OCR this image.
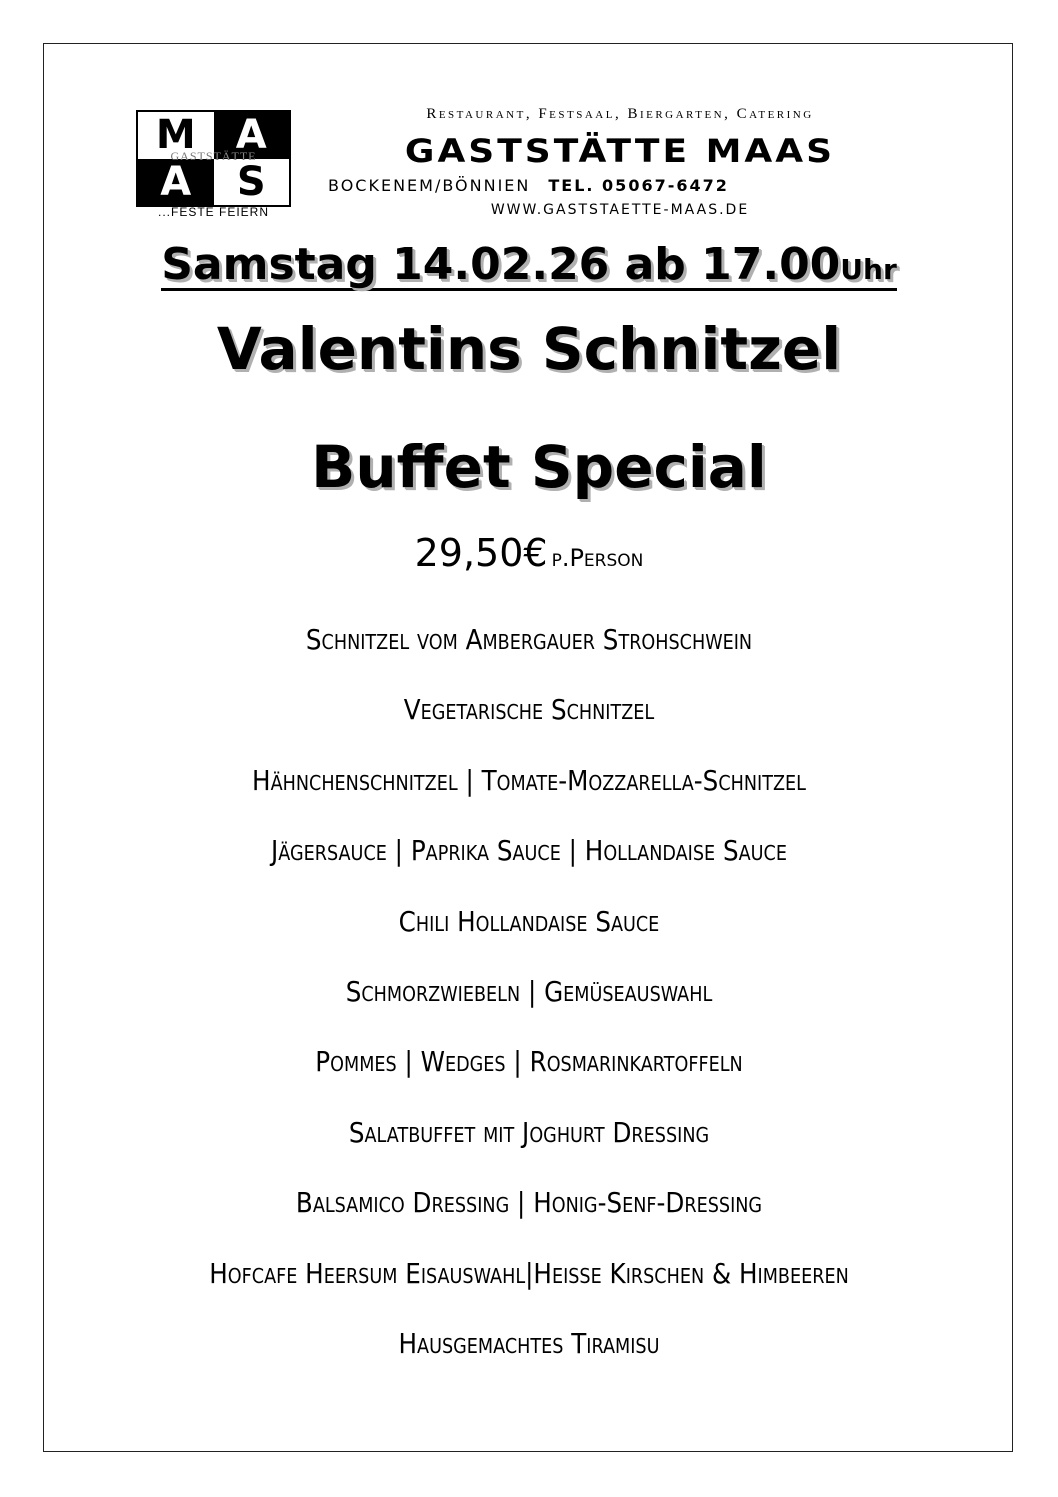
M	A
A	S
GASTSTÄTTE
...FESTE FEIERN
Restaurant, Festsaal, Biergarten, Catering
GASTSTÄTTE MAAS
BOCKENEM/BÖNNIEN TEL. 05067-6472
WWW.GASTSTAETTE-MAAS.DE
Samstag 14.02.26 ab 17.00Uhr
Valentins Schnitzel
Buffet Special
29,50€ p.Person
Schnitzel vom Ambergauer Strohschwein
Vegetarische Schnitzel
Hähnchenschnitzel | Tomate-Mozzarella-Schnitzel
Jägersauce | Paprika Sauce | Hollandaise Sauce
Chili Hollandaise Sauce
Schmorzwiebeln | Gemüseauswahl
Pommes | Wedges | Rosmarinkartoffeln
Salatbuffet mit Joghurt Dressing
Balsamico Dressing | Honig-Senf-Dressing
Hofcafe Heersum Eisauswahl|Heiße Kirschen & Himbeeren
Hausgemachtes Tiramisu
